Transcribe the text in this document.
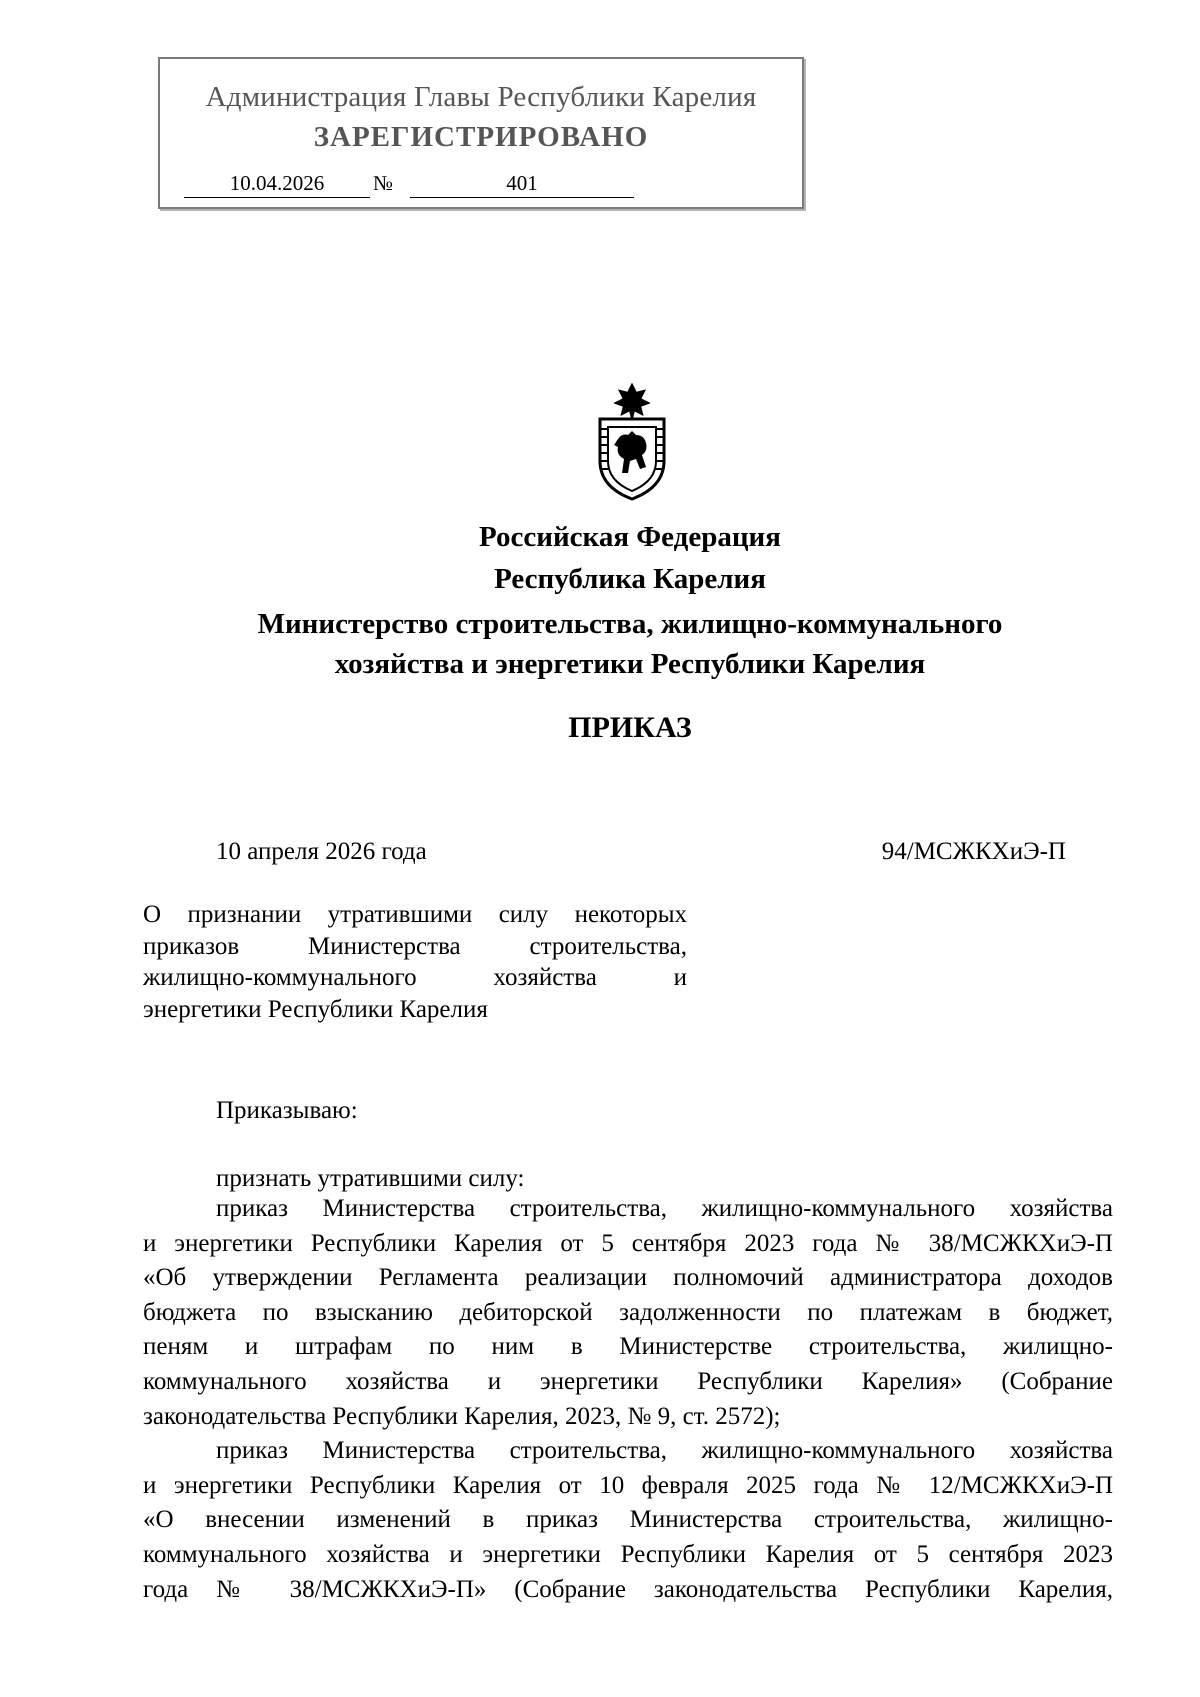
Администрация Главы Республики Карелия
ЗАРЕГИСТРИРОВАНО
10.04.2026	№	401
Российская Федерация
Республика Карелия
Министерство строительства, жилищно-коммунального
хозяйства и энергетики Республики Карелия
ПРИКАЗ
10 апреля 2026 года	94/МСЖКХиЭ-П
О признании утратившими силу некоторых
приказов Министерства строительства,
жилищно-коммунального хозяйства и
энергетики Республики Карелия
Приказываю:
признать утратившими силу:
приказ Министерства строительства, жилищно-коммунального хозяйства
и энергетики Республики Карелия от 5 сентября 2023 года № 38/МСЖКХиЭ-П
«Об утверждении Регламента реализации полномочий администратора доходов
бюджета по взысканию дебиторской задолженности по платежам в бюджет,
пеням и штрафам по ним в Министерстве строительства, жилищно-
коммунального хозяйства и энергетики Республики Карелия» (Собрание
законодательства Республики Карелия, 2023, № 9, ст. 2572);
приказ Министерства строительства, жилищно-коммунального хозяйства
и энергетики Республики Карелия от 10 февраля 2025 года № 12/МСЖКХиЭ-П
«О внесении изменений в приказ Министерства строительства, жилищно-
коммунального хозяйства и энергетики Республики Карелия от 5 сентября 2023
года № 38/МСЖКХиЭ-П» (Собрание законодательства Республики Карелия,
